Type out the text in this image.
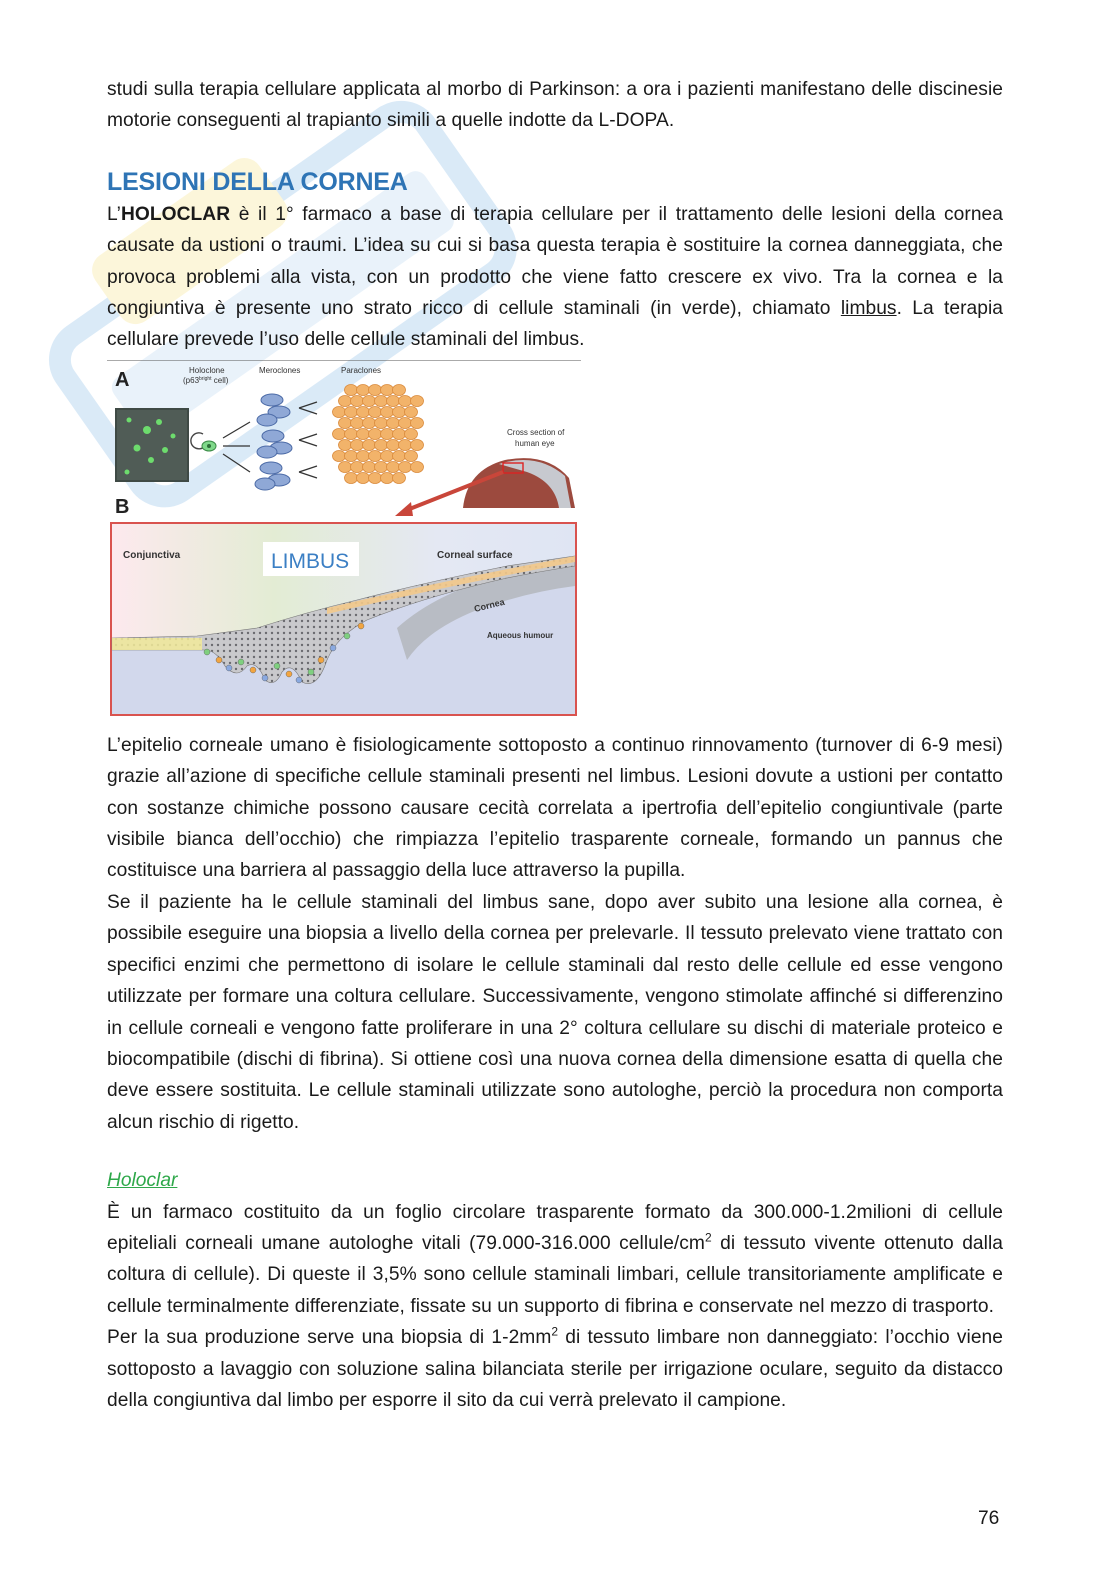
studi sulla terapia cellulare applicata al morbo di Parkinson: a ora i pazienti manifestano delle discinesie motorie conseguenti al trapianto simili a quelle indotte da L-DOPA.

LESIONI DELLA CORNEA

L’HOLOCLAR è il 1° farmaco a base di terapia cellulare per il trattamento delle lesioni della cornea causate da ustioni o traumi. L’idea su cui si basa questa terapia è sostituire la cornea danneggiata, che provoca problemi alla vista, con un prodotto che viene fatto crescere ex vivo. Tra la cornea e la congiuntiva è presente uno strato ricco di cellule staminali (in verde), chiamato limbus. La terapia cellulare prevede l’uso delle cellule staminali del limbus.

A
B
Holoclone
($p63^{bright}$ cell)
Meroclones	Paraclones
Cross section of
human eye
Conjunctiva	LIMBUS	Corneal surface
Cornea
Aqueous humour

L’epitelio corneale umano è fisiologicamente sottoposto a continuo rinnovamento (turnover di 6-9 mesi) grazie all’azione di specifiche cellule staminali presenti nel limbus. Lesioni dovute a ustioni per contatto con sostanze chimiche possono causare cecità correlata a ipertrofia dell’epitelio congiuntivale (parte visibile bianca dell’occhio) che rimpiazza l’epitelio trasparente corneale, formando un pannus che costituisce una barriera al passaggio della luce attraverso la pupilla.

Se il paziente ha le cellule staminali del limbus sane, dopo aver subito una lesione alla cornea, è possibile eseguire una biopsia a livello della cornea per prelevarle. Il tessuto prelevato viene trattato con specifici enzimi che permettono di isolare le cellule staminali dal resto delle cellule ed esse vengono utilizzate per formare una coltura cellulare. Successivamente, vengono stimolate affinché si differenzino in cellule corneali e vengono fatte proliferare in una 2° coltura cellulare su dischi di materiale proteico e biocompatibile (dischi di fibrina). Si ottiene così una nuova cornea della dimensione esatta di quella che deve essere sostituita. Le cellule staminali utilizzate sono autologhe, perciò la procedura non comporta alcun rischio di rigetto.

Holoclar

È un farmaco costituito da un foglio circolare trasparente formato da 300.000-1.2milioni di cellule epiteliali corneali umane autologhe vitali (79.000-316.000 cellule/$cm^2$ di tessuto vivente ottenuto dalla coltura di cellule). Di queste il 3,5% sono cellule staminali limbari, cellule transitoriamente amplificate e cellule terminalmente differenziate, fissate su un supporto di fibrina e conservate nel mezzo di trasporto.

Per la sua produzione serve una biopsia di $1-2mm^2$ di tessuto limbare non danneggiato: l’occhio viene sottoposto a lavaggio con soluzione salina bilanciata sterile per irrigazione oculare, seguito da distacco della congiuntiva dal limbo per esporre il sito da cui verrà prelevato il campione.

76
